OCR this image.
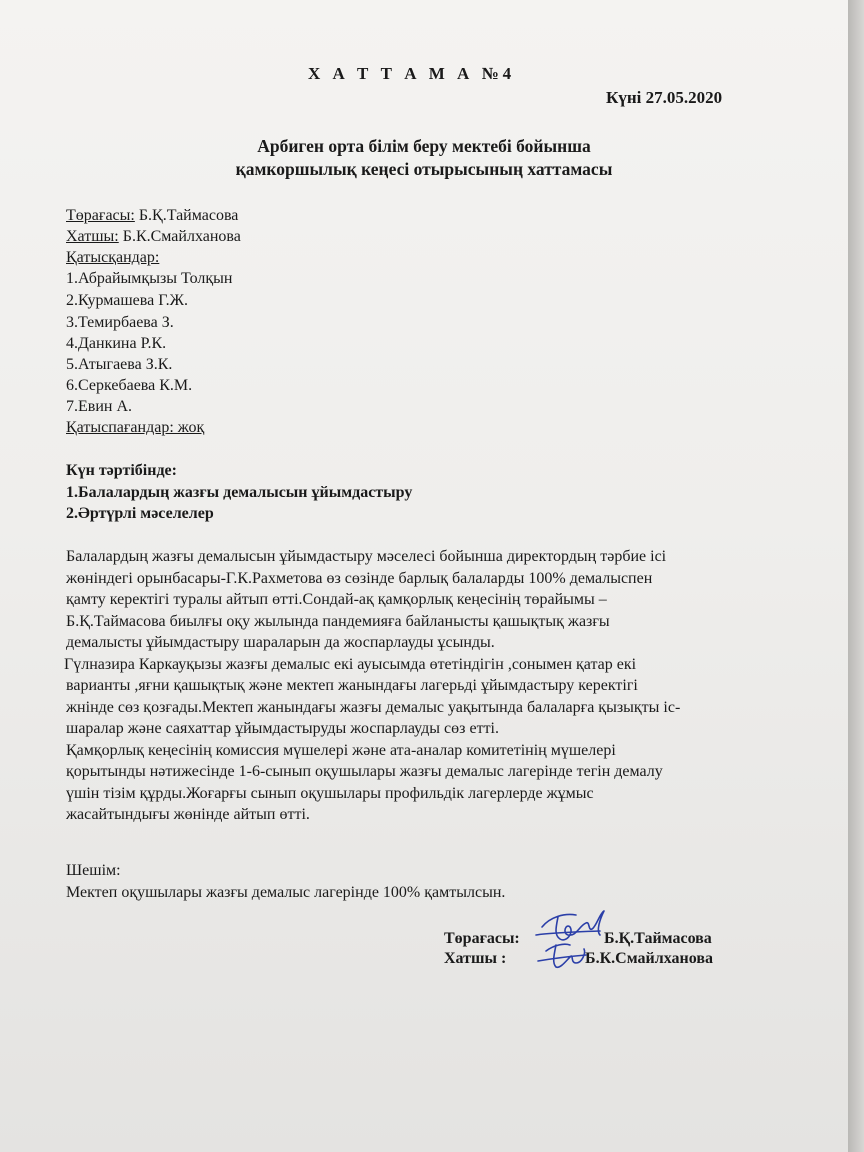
Х А Т Т А М А №4
Күні 27.05.2020
Арбиген орта білім беру мектебі бойынша
қамкоршылық кеңесі отырысының хаттамасы
Төрағасы: Б.Қ.Таймасова
Хатшы: Б.К.Смайлханова
Қатысқандар:
1.Абрайымқызы Толқын
2.Курмашева Г.Ж.
3.Темирбаева З.
4.Данкина Р.К.
5.Атыгаева З.К.
6.Серкебаева К.М.
7.Евин А.
Қатыспағандар: жоқ
Күн тәртібінде:
1.Балалардың жазғы демалысын ұйымдастыру
2.Әртүрлі мәселелер
Балалардың жазғы демалысын ұйымдастыру мәселесі бойынша директордың тәрбие ісі
жөніндегі орынбасары-Г.К.Рахметова өз сөзінде барлық балаларды 100% демалыспен
қамту керектігі туралы айтып өтті.Сондай-ақ қамқорлық кеңесінің төрайымы –
Б.Қ.Таймасова биылғы оқу жылында пандемияға байланысты қашықтық жазғы
демалысты ұйымдастыру шараларын да жоспарлауды ұсынды.
Гүлназира Каркауқызы жазғы демалыс екі ауысымда өтетіндігін ,сонымен қатар екі
варианты ,яғни қашықтық және мектеп жанындағы лагерьді ұйымдастыру керектігі
жнінде сөз қозғады.Мектеп жанындағы жазғы демалыс уақытында балаларға қызықты іс-
шаралар және саяхаттар ұйымдастыруды жоспарлауды сөз етті.
Қамқорлық кеңесінің комиссия мүшелері және ата-аналар комитетінің мүшелері
қорытынды нәтижесінде 1-6-сынып оқушылары жазғы демалыс лагерінде тегін демалу
үшін тізім құрды.Жоғарғы сынып оқушылары профильдік лагерлерде жұмыс
жасайтындығы жөнінде айтып өтті.
Шешім:
Мектеп оқушылары жазғы демалыс лагерінде 100% қамтылсын.
Төрағасы:	Б.Қ.Таймасова
Хатшы :	Б.К.Смайлханова
